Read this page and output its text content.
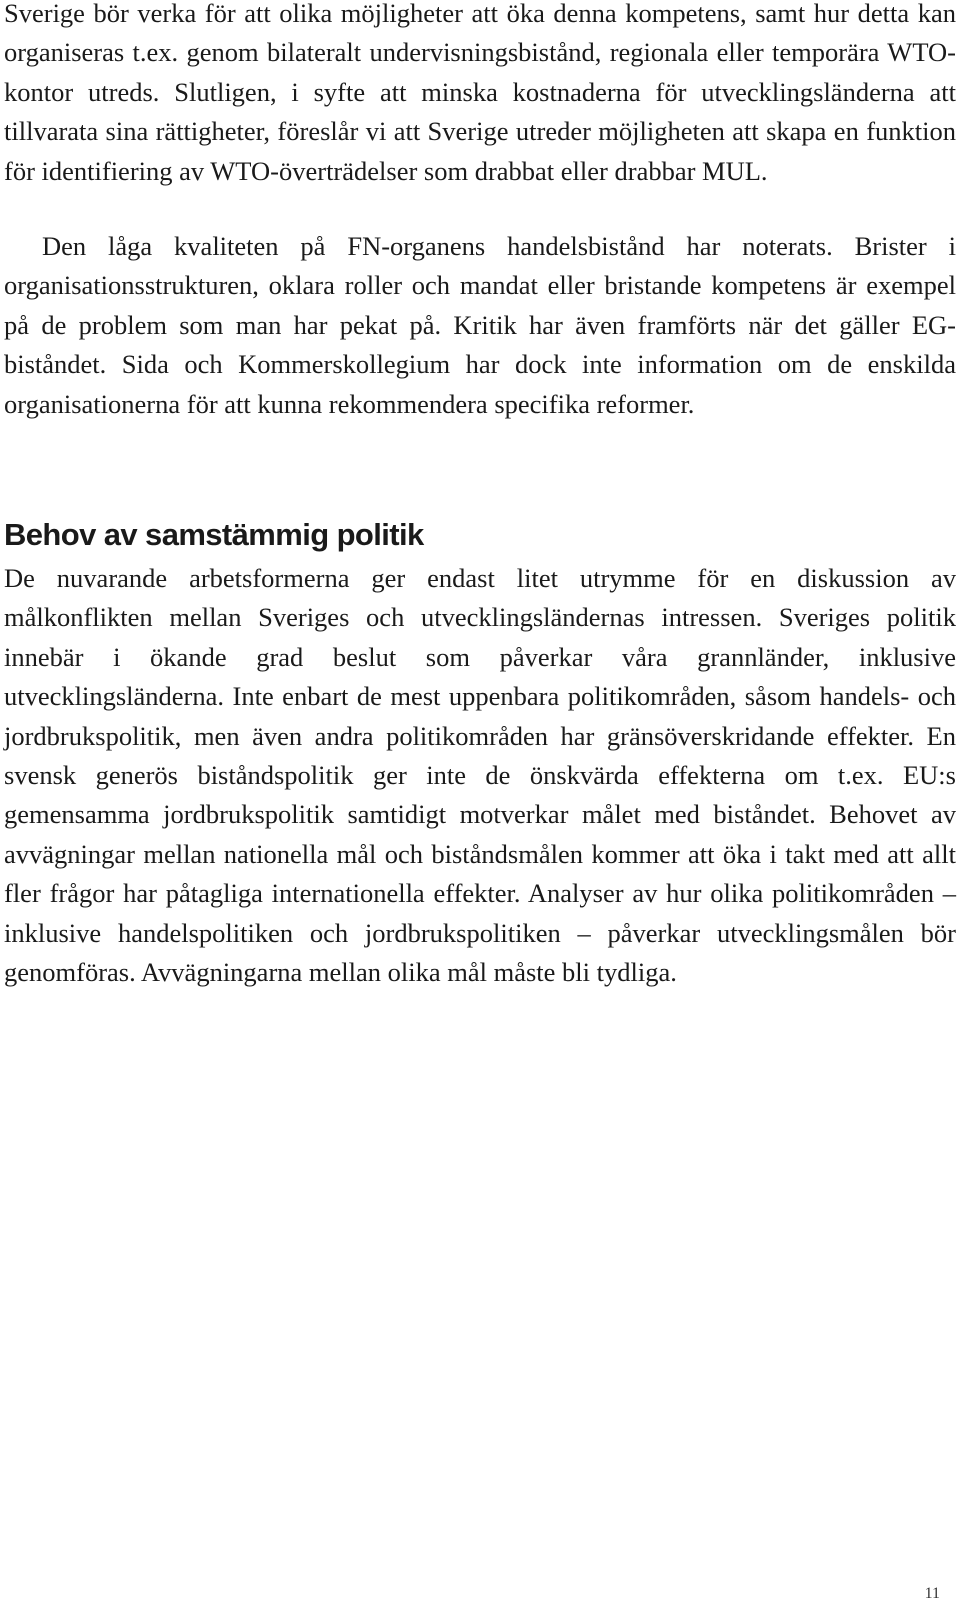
Sverige bör verka för att olika möjligheter att öka denna kompetens, samt hur detta kan organiseras t.ex. genom bilateralt undervisningsbistånd, regionala eller temporära WTO-kontor utreds. Slutligen, i syfte att minska kostnaderna för utvecklingsländerna att tillvarata sina rättigheter, föreslår vi att Sverige utreder möjligheten att skapa en funktion för identifiering av WTO-överträdelser som drabbat eller drabbar MUL.

Den låga kvaliteten på FN-organens handelsbistånd har noterats. Brister i organisationsstrukturen, oklara roller och mandat eller bristande kompetens är exempel på de problem som man har pekat på. Kritik har även framförts när det gäller EG-biståndet. Sida och Kommerskollegium har dock inte information om de enskilda organisationerna för att kunna rekommendera specifika reformer.

Behov av samstämmig politik

De nuvarande arbetsformerna ger endast litet utrymme för en diskussion av målkonflikten mellan Sveriges och utvecklingsländernas intressen. Sveriges politik innebär i ökande grad beslut som påverkar våra grannländer, inklusive utvecklingsländerna. Inte enbart de mest uppenbara politikområden, såsom handels- och jordbrukspolitik, men även andra politikområden har gränsöverskridande effekter. En svensk generös biståndspolitik ger inte de önskvärda effekterna om t.ex. EU:s gemensamma jordbrukspolitik samtidigt motverkar målet med biståndet. Behovet av avvägningar mellan nationella mål och biståndsmålen kommer att öka i takt med att allt fler frågor har påtagliga internationella effekter. Analyser av hur olika politikområden – inklusive handelspolitiken och jordbrukspolitiken – påverkar utvecklingsmålen bör genomföras. Avvägningarna mellan olika mål måste bli tydliga.

11
